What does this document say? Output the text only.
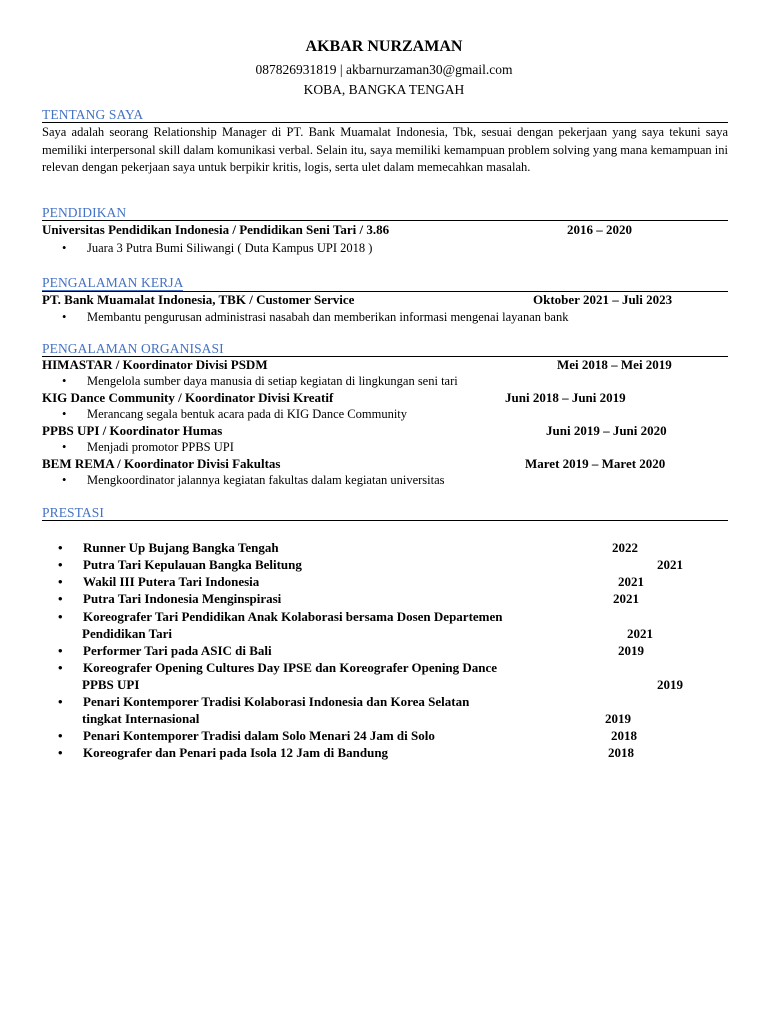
AKBAR NURZAMAN
087826931819 | akbarnurzaman30@gmail.com
KOBA, BANGKA TENGAH
TENTANG SAYA
Saya adalah seorang Relationship Manager di PT. Bank Muamalat Indonesia, Tbk, sesuai dengan pekerjaan yang saya tekuni saya memiliki interpersonal skill dalam komunikasi verbal. Selain itu, saya memiliki kemampuan problem solving yang mana kemampuan ini relevan dengan pekerjaan saya untuk berpikir kritis, logis, serta ulet dalam memecahkan masalah.
PENDIDIKAN
Universitas Pendidikan Indonesia / Pendidikan Seni Tari / 3.86	2016 – 2020
• Juara 3 Putra Bumi Siliwangi ( Duta Kampus UPI 2018 )
PENGALAMAN KERJA
PT. Bank Muamalat Indonesia, TBK / Customer Service	Oktober 2021 – Juli 2023
• Membantu pengurusan administrasi nasabah dan memberikan informasi mengenai layanan bank
PENGALAMAN ORGANISASI
HIMASTAR / Koordinator Divisi PSDM	Mei 2018 – Mei 2019
• Mengelola sumber daya manusia di setiap kegiatan di lingkungan seni tari
KIG Dance Community / Koordinator Divisi Kreatif	Juni 2018 – Juni 2019
• Merancang segala bentuk acara pada di KIG Dance Community
PPBS UPI / Koordinator Humas	Juni 2019 – Juni 2020
• Menjadi promotor PPBS UPI
BEM REMA / Koordinator Divisi Fakultas	Maret 2019 – Maret 2020
• Mengkoordinator jalannya kegiatan fakultas dalam kegiatan universitas
PRESTASI
• Runner Up Bujang Bangka Tengah	2022
• Putra Tari Kepulauan Bangka Belitung	2021
• Wakil III Putera Tari Indonesia	2021
• Putra Tari Indonesia Menginspirasi	2021
• Koreografer Tari Pendidikan Anak Kolaborasi bersama Dosen Departemen
Pendidikan Tari	2021
• Performer Tari pada ASIC di Bali	2019
• Koreografer Opening Cultures Day IPSE dan Koreografer Opening Dance
PPBS UPI	2019
• Penari Kontemporer Tradisi Kolaborasi Indonesia dan Korea Selatan
tingkat Internasional	2019
• Penari Kontemporer Tradisi dalam Solo Menari 24 Jam di Solo	2018
• Koreografer dan Penari pada Isola 12 Jam di Bandung	2018
